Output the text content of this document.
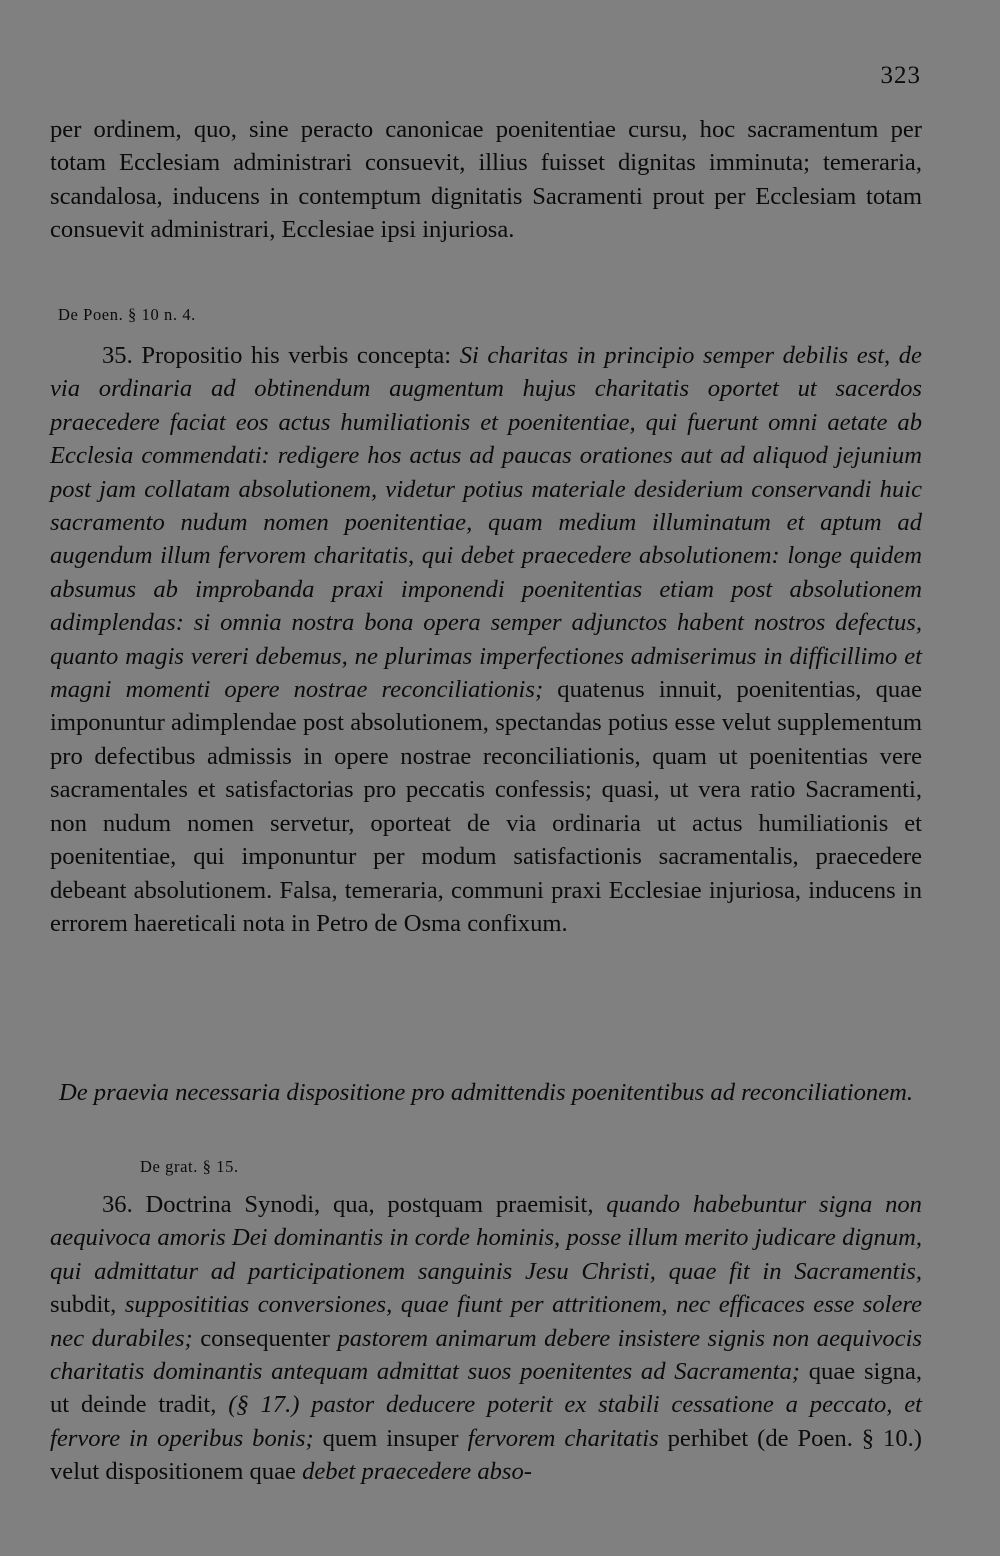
323

per ordinem, quo, sine peracto canonicae poenitentiae cursu, hoc sacramentum per totam Ecclesiam administrari consuevit, illius fuisset dignitas imminuta; temeraria, scandalosa, inducens in contemptum dignitatis Sacramenti prout per Ecclesiam totam consuevit administrari, Ecclesiae ipsi injuriosa.

De Poen. § 10 n. 4.

35. Propositio his verbis concepta: Si charitas in principio semper debilis est, de via ordinaria ad obtinendum augmentum hujus charitatis oportet ut sacerdos praecedere faciat eos actus humiliationis et poenitentiae, qui fuerunt omni aetate ab Ecclesia commendati: redigere hos actus ad paucas orationes aut ad aliquod jejunium post jam collatam absolutionem, videtur potius materiale desiderium conservandi huic sacramento nudum nomen poenitentiae, quam medium illuminatum et aptum ad augendum illum fervorem charitatis, qui debet praecedere absolutionem: longe quidem absumus ab improbanda praxi imponendi poenitentias etiam post absolutionem adimplendas: si omnia nostra bona opera semper adjunctos habent nostros defectus, quanto magis vereri debemus, ne plurimas imperfectiones admiserimus in difficillimo et magni momenti opere nostrae reconciliationis; quatenus innuit, poenitentias, quae imponuntur adimplendae post absolutionem, spectandas potius esse velut supplementum pro defectibus admissis in opere nostrae reconciliationis, quam ut poenitentias vere sacramentales et satisfactorias pro peccatis confessis; quasi, ut vera ratio Sacramenti, non nudum nomen servetur, oporteat de via ordinaria ut actus humiliationis et poenitentiae, qui imponuntur per modum satisfactionis sacramentalis, praecedere debeant absolutionem. Falsa, temeraria, communi praxi Ecclesiae injuriosa, inducens in errorem haereticali nota in Petro de Osma confixum.

De praevia necessaria dispositione pro admittendis poenitentibus ad reconciliationem.

De grat. § 15.

36. Doctrina Synodi, qua, postquam praemisit, quando habebuntur signa non aequivoca amoris Dei dominantis in corde hominis, posse illum merito judicare dignum, qui admittatur ad participationem sanguinis Jesu Christi, quae fit in Sacramentis, subdit, supposititias conversiones, quae fiunt per attritionem, nec efficaces esse solere nec durabiles; consequenter pastorem animarum debere insistere signis non aequivocis charitatis dominantis antequam admittat suos poenitentes ad Sacramenta; quae signa, ut deinde tradit, (§ 17.) pastor deducere poterit ex stabili cessatione a peccato, et fervore in operibus bonis; quem insuper fervorem charitatis perhibet (de Poen. § 10.) velut dispositionem quae debet praecedere abso-
